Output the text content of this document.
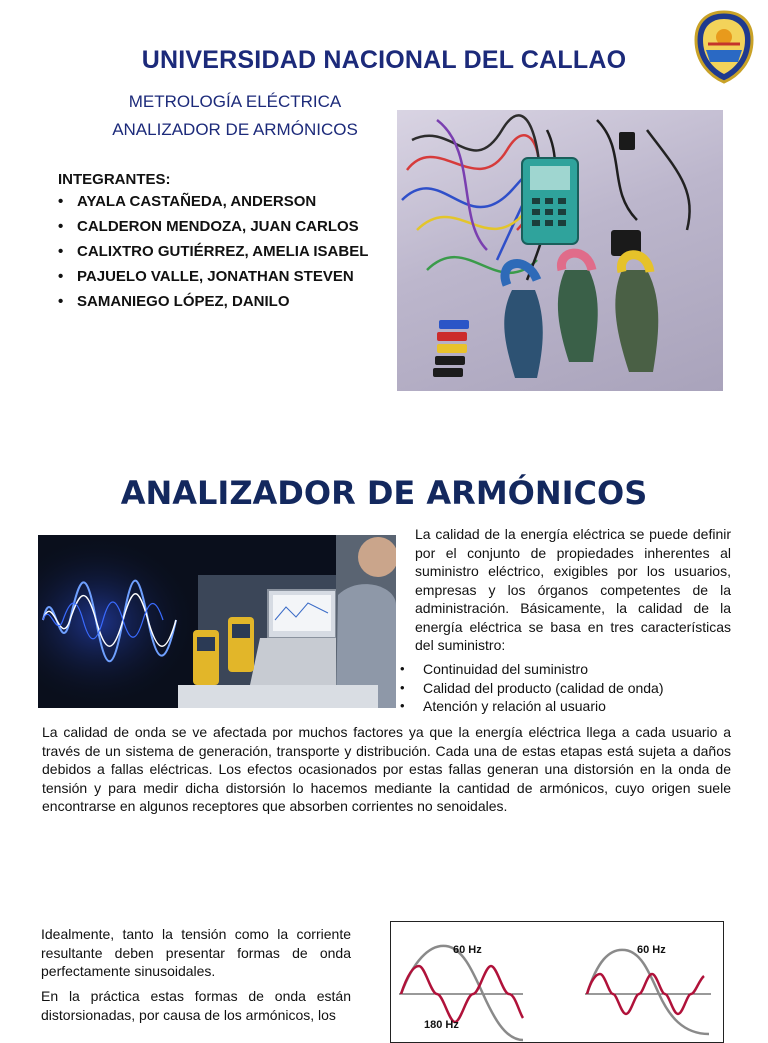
UNIVERSIDAD NACIONAL DEL CALLAO
METROLOGÍA ELÉCTRICA
ANALIZADOR DE ARMÓNICOS
INTEGRANTES:
• AYALA CASTAÑEDA, ANDERSON
• CALDERON MENDOZA, JUAN CARLOS
• CALIXTRO GUTIÉRREZ, AMELIA ISABEL
• PAJUELO VALLE, JONATHAN STEVEN
• SAMANIEGO LÓPEZ, DANILO
ANALIZADOR DE ARMÓNICOS
La calidad de la energía eléctrica se puede definir por el conjunto de propiedades inherentes al suministro eléctrico, exigibles por los usuarios, empresas y los órganos competentes de la administración. Básicamente, la calidad de la energía eléctrica se basa en tres características del suministro:
• Continuidad del suministro
• Calidad del producto (calidad de onda)
• Atención y relación al usuario
La calidad de onda se ve afectada por muchos factores ya que la energía eléctrica llega a cada usuario a través de un sistema de generación, transporte y distribución. Cada una de estas etapas está sujeta a daños debidos a fallas eléctricas. Los efectos ocasionados por estas fallas generan una distorsión en la onda de tensión y para medir dicha distorsión lo hacemos mediante la cantidad de armónicos, cuyo origen suele encontrarse en algunos receptores que absorben corrientes no senoidales.
Idealmente, tanto la tensión como la corriente resultante deben presentar formas de onda perfectamente sinusoidales.
En la práctica estas formas de onda están distorsionadas, por causa de los armónicos, los
60 Hz	60 Hz
180 Hz
